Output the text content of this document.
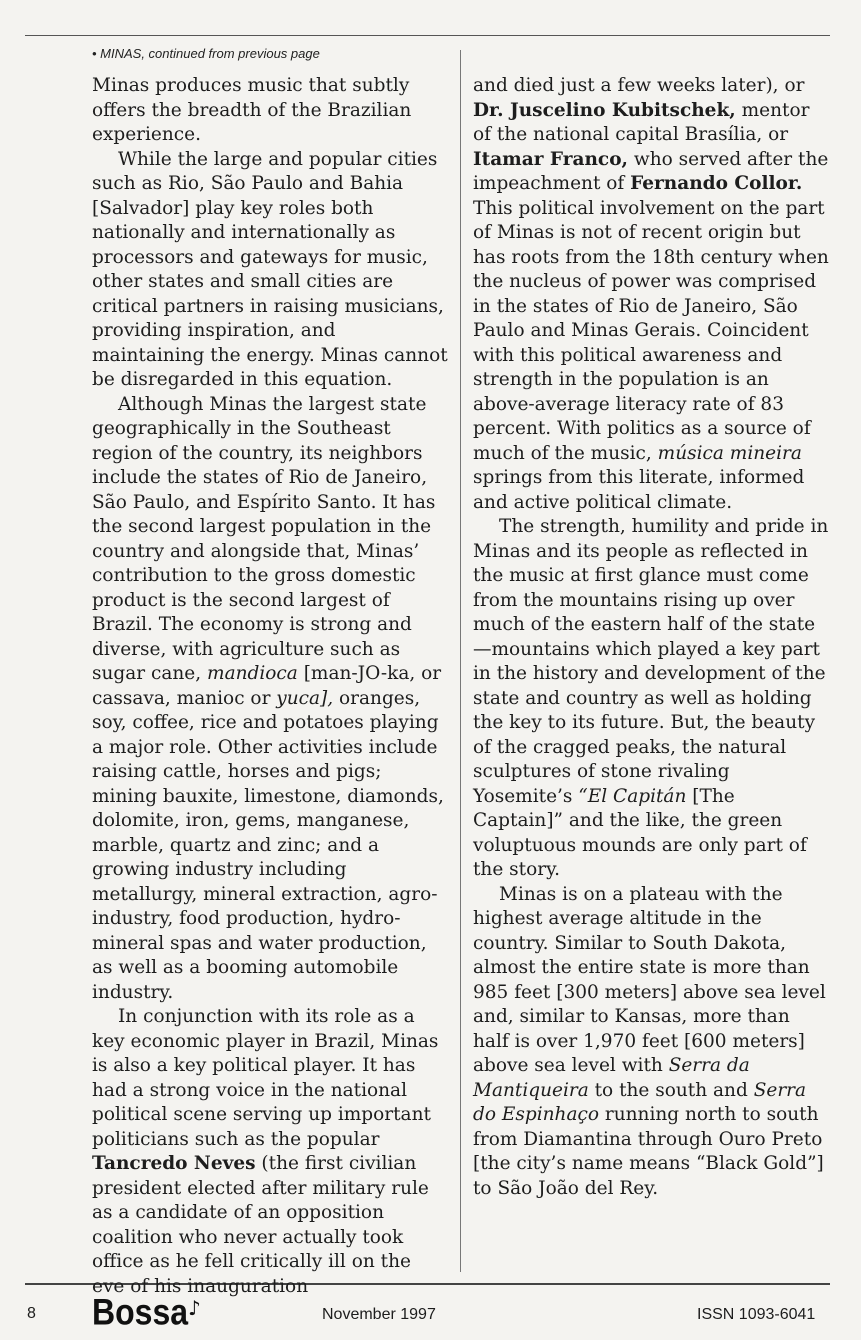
• MINAS, continued from previous page

Minas produces music that subtly offers the breadth of the Brazilian experience.

While the large and popular cities such as Rio, São Paulo and Bahia [Salvador] play key roles both nationally and internationally as processors and gateways for music, other states and small cities are critical partners in raising musicians, providing inspiration, and maintaining the energy. Minas cannot be disregarded in this equation.

Although Minas the largest state geographically in the Southeast region of the country, its neighbors include the states of Rio de Janeiro, São Paulo, and Espírito Santo. It has the second largest population in the country and alongside that, Minas’ contribution to the gross domestic product is the second largest of Brazil. The economy is strong and diverse, with agriculture such as sugar cane, mandioca [man-JO-ka, or cassava, manioc or yuca], oranges, soy, coffee, rice and potatoes playing a major role. Other activities include raising cattle, horses and pigs; mining bauxite, limestone, diamonds, dolomite, iron, gems, manganese, marble, quartz and zinc; and a growing industry including metallurgy, mineral extraction, agro-industry, food production, hydro-mineral spas and water production, as well as a booming automobile industry.

In conjunction with its role as a key economic player in Brazil, Minas is also a key political player. It has had a strong voice in the national political scene serving up important politicians such as the popular Tancredo Neves (the first civilian president elected after military rule as a candidate of an opposition coalition who never actually took office as he fell critically ill on the eve of his inauguration

and died just a few weeks later), or Dr. Juscelino Kubitschek, mentor of the national capital Brasília, or Itamar Franco, who served after the impeachment of Fernando Collor. This political involvement on the part of Minas is not of recent origin but has roots from the 18th century when the nucleus of power was comprised in the states of Rio de Janeiro, São Paulo and Minas Gerais. Coincident with this political awareness and strength in the population is an above-average literacy rate of 83 percent. With politics as a source of much of the music, música mineira springs from this literate, informed and active political climate.

The strength, humility and pride in Minas and its people as reflected in the music at first glance must come from the mountains rising up over much of the eastern half of the state—mountains which played a key part in the history and development of the state and country as well as holding the key to its future. But, the beauty of the cragged peaks, the natural sculptures of stone rivaling Yosemite’s “El Capitán [The Captain]” and the like, the green voluptuous mounds are only part of the story.

Minas is on a plateau with the highest average altitude in the country. Similar to South Dakota, almost the entire state is more than 985 feet [300 meters] above sea level and, similar to Kansas, more than half is over 1,970 feet [600 meters] above sea level with Serra da Mantiqueira to the south and Serra do Espinhaço running north to south from Diamantina through Ouro Preto [the city’s name means “Black Gold”] to São João del Rey.

8 Bossa ♪	November 1997	ISSN 1093-6041
